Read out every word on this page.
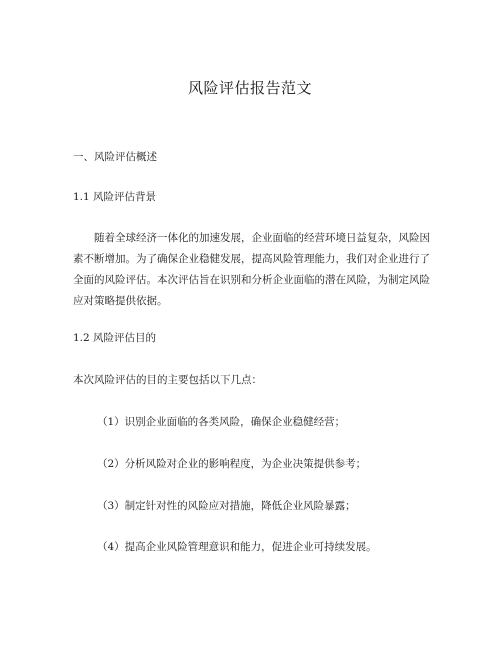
风险评估报告范文
一、风险评估概述
1.1 风险评估背景
随着全球经济一体化的加速发展，企业面临的经营环境日益复杂，风险因素不断增加。为了确保企业稳健发展，提高风险管理能力，我们对企业进行了全面的风险评估。本次评估旨在识别和分析企业面临的潜在风险，为制定风险应对策略提供依据。
1.2 风险评估目的
本次风险评估的目的主要包括以下几点：
（1）识别企业面临的各类风险，确保企业稳健经营；
（2）分析风险对企业的影响程度，为企业决策提供参考；
（3）制定针对性的风险应对措施，降低企业风险暴露；
（4）提高企业风险管理意识和能力，促进企业可持续发展。
